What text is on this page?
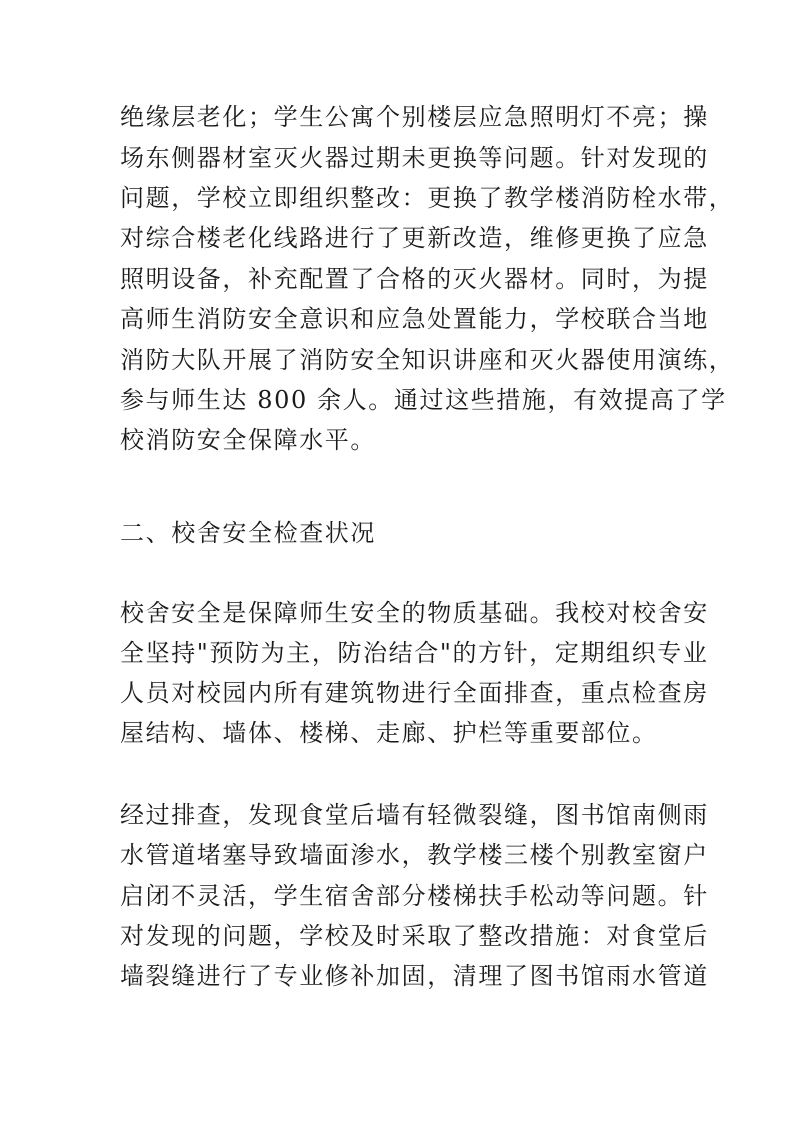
绝缘层老化；学生公寓个别楼层应急照明灯不亮；操
场东侧器材室灭火器过期未更换等问题。针对发现的
问题，学校立即组织整改：更换了教学楼消防栓水带，
对综合楼老化线路进行了更新改造，维修更换了应急
照明设备，补充配置了合格的灭火器材。同时，为提
高师生消防安全意识和应急处置能力，学校联合当地
消防大队开展了消防安全知识讲座和灭火器使用演练，
参与师生达 800 余人。通过这些措施，有效提高了学
校消防安全保障水平。
二、校舍安全检查状况
校舍安全是保障师生安全的物质基础。我校对校舍安
全坚持"预防为主，防治结合"的方针，定期组织专业
人员对校园内所有建筑物进行全面排查，重点检查房
屋结构、墙体、楼梯、走廊、护栏等重要部位。
经过排查，发现食堂后墙有轻微裂缝，图书馆南侧雨
水管道堵塞导致墙面渗水，教学楼三楼个别教室窗户
启闭不灵活，学生宿舍部分楼梯扶手松动等问题。针
对发现的问题，学校及时采取了整改措施：对食堂后
墙裂缝进行了专业修补加固，清理了图书馆雨水管道
